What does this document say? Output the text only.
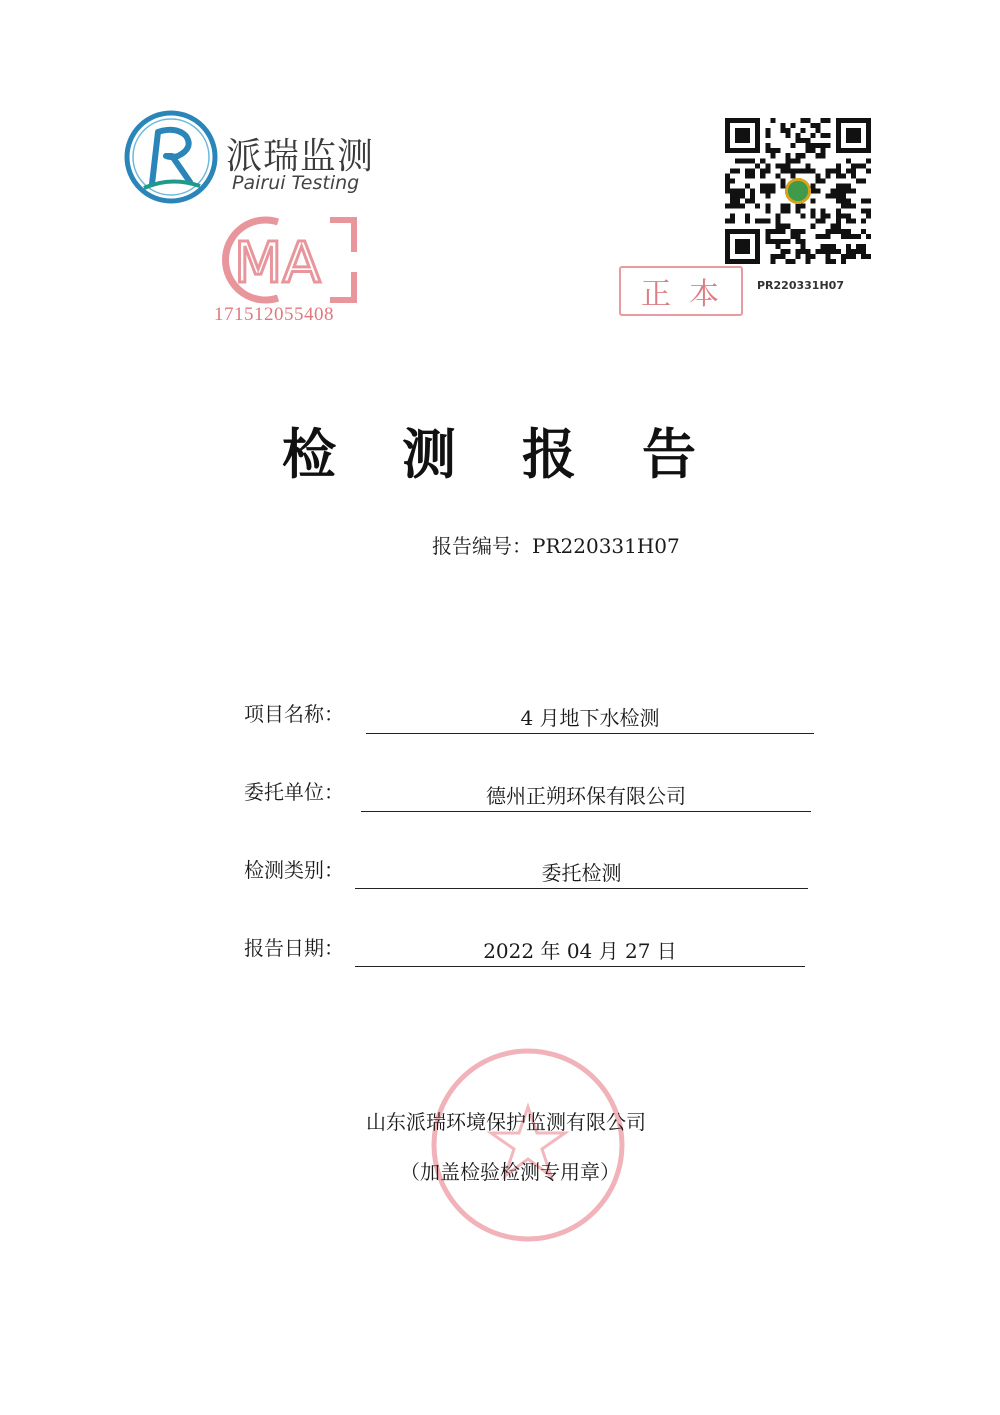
派瑞监测
Pairui Testing
MA
171512055408
PR220331H07
正本
检测报告
报告编号：PR220331H07
项目名称：	4 月地下水检测
委托单位：	德州正朔环保有限公司
检测类别：	委托检测
报告日期：	2022 年 04 月 27 日
山东派瑞环境保护监测有限公司
（加盖检验检测专用章）
